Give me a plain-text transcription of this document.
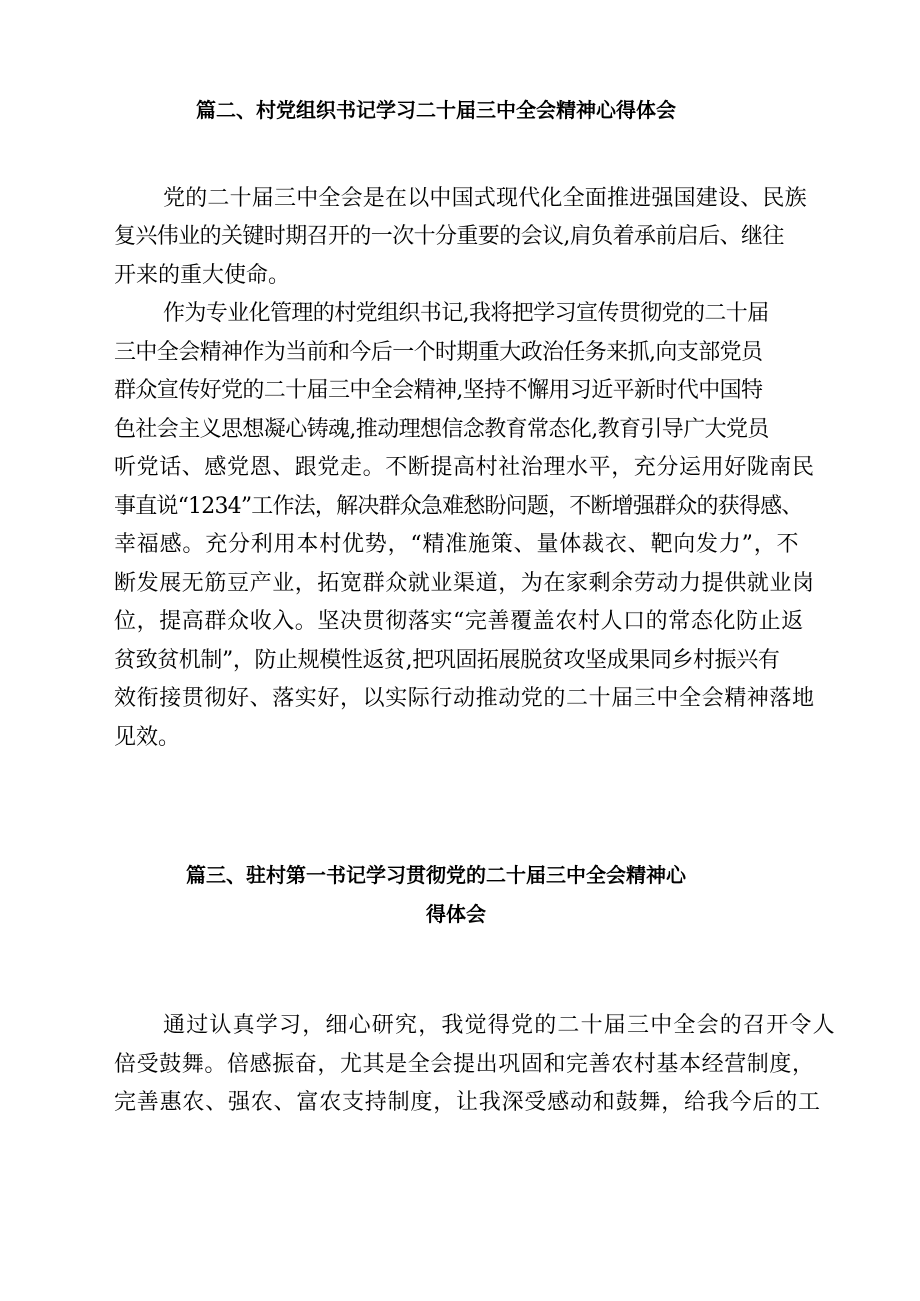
篇二、村党组织书记学习二十届三中全会精神心得体会
党的二十届三中全会是在以中国式现代化全面推进强国建设、民族
复兴伟业的关键时期召开的一次十分重要的会议,肩负着承前启后、继往
开来的重大使命。
作为专业化管理的村党组织书记,我将把学习宣传贯彻党的二十届
三中全会精神作为当前和今后一个时期重大政治任务来抓,向支部党员
群众宣传好党的二十届三中全会精神,坚持不懈用习近平新时代中国特
色社会主义思想凝心铸魂,推动理想信念教育常态化,教育引导广大党员
听党话、感党恩、跟党走。不断提高村社治理水平，充分运用好陇南民
事直说“1234”工作法，解决群众急难愁盼问题，不断增强群众的获得感、
幸福感。充分利用本村优势，“精准施策、量体裁衣、靶向发力”，不
断发展无筋豆产业，拓宽群众就业渠道，为在家剩余劳动力提供就业岗
位，提高群众收入。坚决贯彻落实“完善覆盖农村人口的常态化防止返
贫致贫机制”，防止规模性返贫,把巩固拓展脱贫攻坚成果同乡村振兴有
效衔接贯彻好、落实好，以实际行动推动党的二十届三中全会精神落地
见效。
篇三、驻村第一书记学习贯彻党的二十届三中全会精神心
得体会
通过认真学习，细心研究，我觉得党的二十届三中全会的召开令人
倍受鼓舞。倍感振奋，尤其是全会提出巩固和完善农村基本经营制度，
完善惠农、强农、富农支持制度，让我深受感动和鼓舞，给我今后的工
